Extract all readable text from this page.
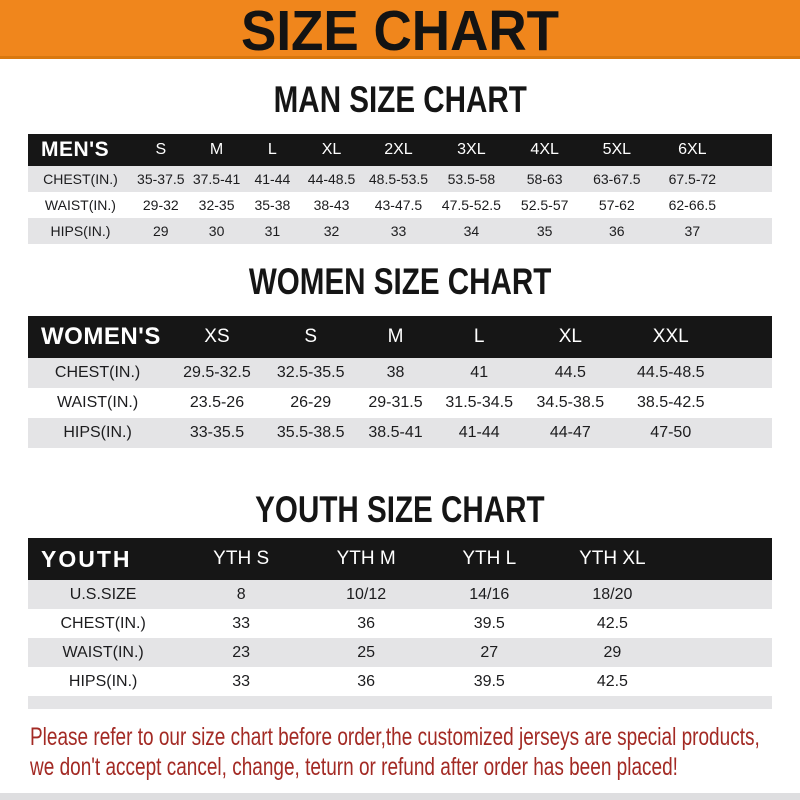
SIZE CHART
MAN SIZE CHART
MEN'S	S	M	L	XL	2XL	3XL	4XL	5XL	6XL	
CHEST(IN.)	35-37.5	37.5-41	41-44	44-48.5	48.5-53.5	53.5-58	58-63	63-67.5	67.5-72	
WAIST(IN.)	29-32	32-35	35-38	38-43	43-47.5	47.5-52.5	52.5-57	57-62	62-66.5	
HIPS(IN.)	29	30	31	32	33	34	35	36	37	
WOMEN SIZE CHART
WOMEN'S	XS	S	M	L	XL	XXL	
CHEST(IN.)	29.5-32.5	32.5-35.5	38	41	44.5	44.5-48.5	
WAIST(IN.)	23.5-26	26-29	29-31.5	31.5-34.5	34.5-38.5	38.5-42.5	
HIPS(IN.)	33-35.5	35.5-38.5	38.5-41	41-44	44-47	47-50	
YOUTH SIZE CHART
YOUTH	YTH S	YTH M	YTH L	YTH XL	
U.S.SIZE	8	10/12	14/16	18/20	
CHEST(IN.)	33	36	39.5	42.5	
WAIST(IN.)	23	25	27	29	
HIPS(IN.)	33	36	39.5	42.5	

Please refer to our size chart before order,the customized jerseys are special products,
we don't accept cancel, change, teturn or refund after order has been placed!
